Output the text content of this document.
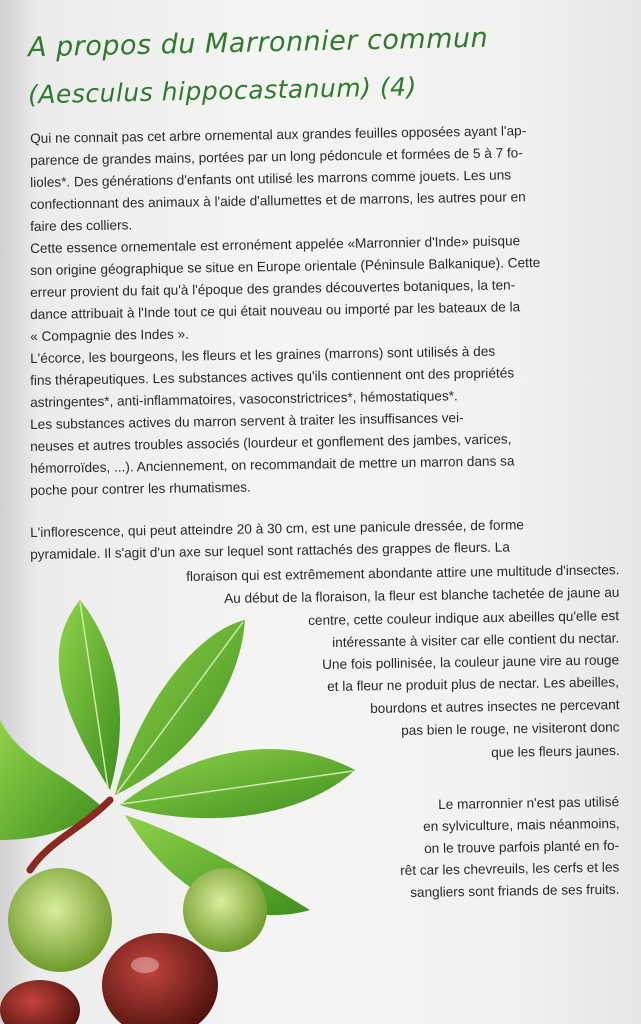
A propos du Marronnier commun
(Aesculus hippocastanum) (4)

Qui ne connait pas cet arbre ornemental aux grandes feuilles opposées ayant l'ap-

parence de grandes mains, portées par un long pédoncule et formées de 5 à 7 fo-

lioles*. Des générations d'enfants ont utilisé les marrons comme jouets. Les uns

confectionnant des animaux à l'aide d'allumettes et de marrons, les autres pour en

faire des colliers.

Cette essence ornementale est erronément appelée «Marronnier d'Inde» puisque

son origine géographique se situe en Europe orientale (Péninsule Balkanique). Cette

erreur provient du fait qu'à l'époque des grandes découvertes botaniques, la ten-

dance attribuait à l'Inde tout ce qui était nouveau ou importé par les bateaux de la

« Compagnie des Indes ».

L'écorce, les bourgeons, les fleurs et les graines (marrons) sont utilisés à des

fins thérapeutiques. Les substances actives qu'ils contiennent ont des propriétés

astringentes*, anti-inflammatoires, vasoconstrictrices*, hémostatiques*.

Les substances actives du marron servent à traiter les insuffisances vei-

neuses et autres troubles associés (lourdeur et gonflement des jambes, varices,

hémorroïdes, ...). Anciennement, on recommandait de mettre un marron dans sa

poche pour contrer les rhumatismes.

L'inflorescence, qui peut atteindre 20 à 30 cm, est une panicule dressée, de forme

pyramidale. Il s'agit d'un axe sur lequel sont rattachés des grappes de fleurs. La

floraison qui est extrêmement abondante attire une multitude d'insectes.

Au début de la floraison, la fleur est blanche tachetée de jaune au

centre, cette couleur indique aux abeilles qu'elle est

intéressante à visiter car elle contient du nectar.

Une fois pollinisée, la couleur jaune vire au rouge

et la fleur ne produit plus de nectar. Les abeilles,

bourdons et autres insectes ne percevant

pas bien le rouge, ne visiteront donc

que les fleurs jaunes.

Le marronnier n'est pas utilisé

en sylviculture, mais néanmoins,

on le trouve parfois planté en fo-

rêt car les chevreuils, les cerfs et les

sangliers sont friands de ses fruits.
